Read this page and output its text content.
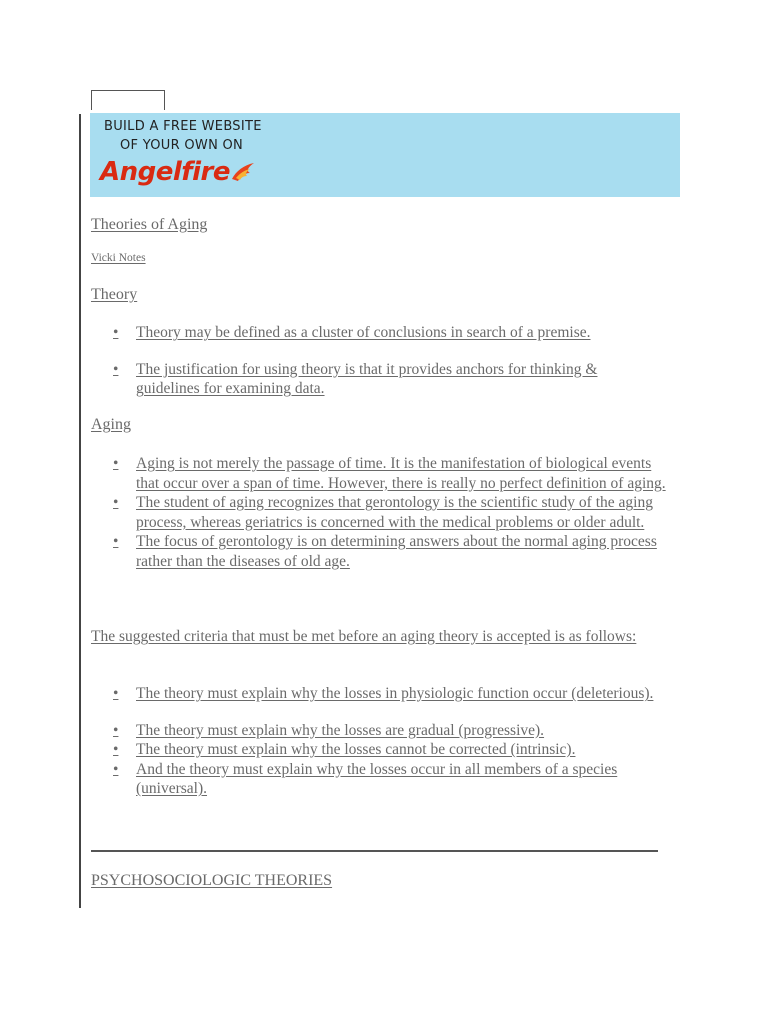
BUILD A FREE WEBSITE
OF YOUR OWN ON
Angelfire
Theories of Aging
Vicki Notes
Theory
• Theory may be defined as a cluster of conclusions in search of a premise.
• The justification for using theory is that it provides anchors for thinking & guidelines for examining data.
Aging
• Aging is not merely the passage of time. It is the manifestation of biological events that occur over a span of time. However, there is really no perfect definition of aging.
• The student of aging recognizes that gerontology is the scientific study of the aging process, whereas geriatrics is concerned with the medical problems or older adult.
• The focus of gerontology is on determining answers about the normal aging process rather than the diseases of old age.
The suggested criteria that must be met before an aging theory is accepted is as follows:
• The theory must explain why the losses in physiologic function occur (deleterious).
• The theory must explain why the losses are gradual (progressive).
• The theory must explain why the losses cannot be corrected (intrinsic).
• And the theory must explain why the losses occur in all members of a species (universal).
PSYCHOSOCIOLOGIC THEORIES
